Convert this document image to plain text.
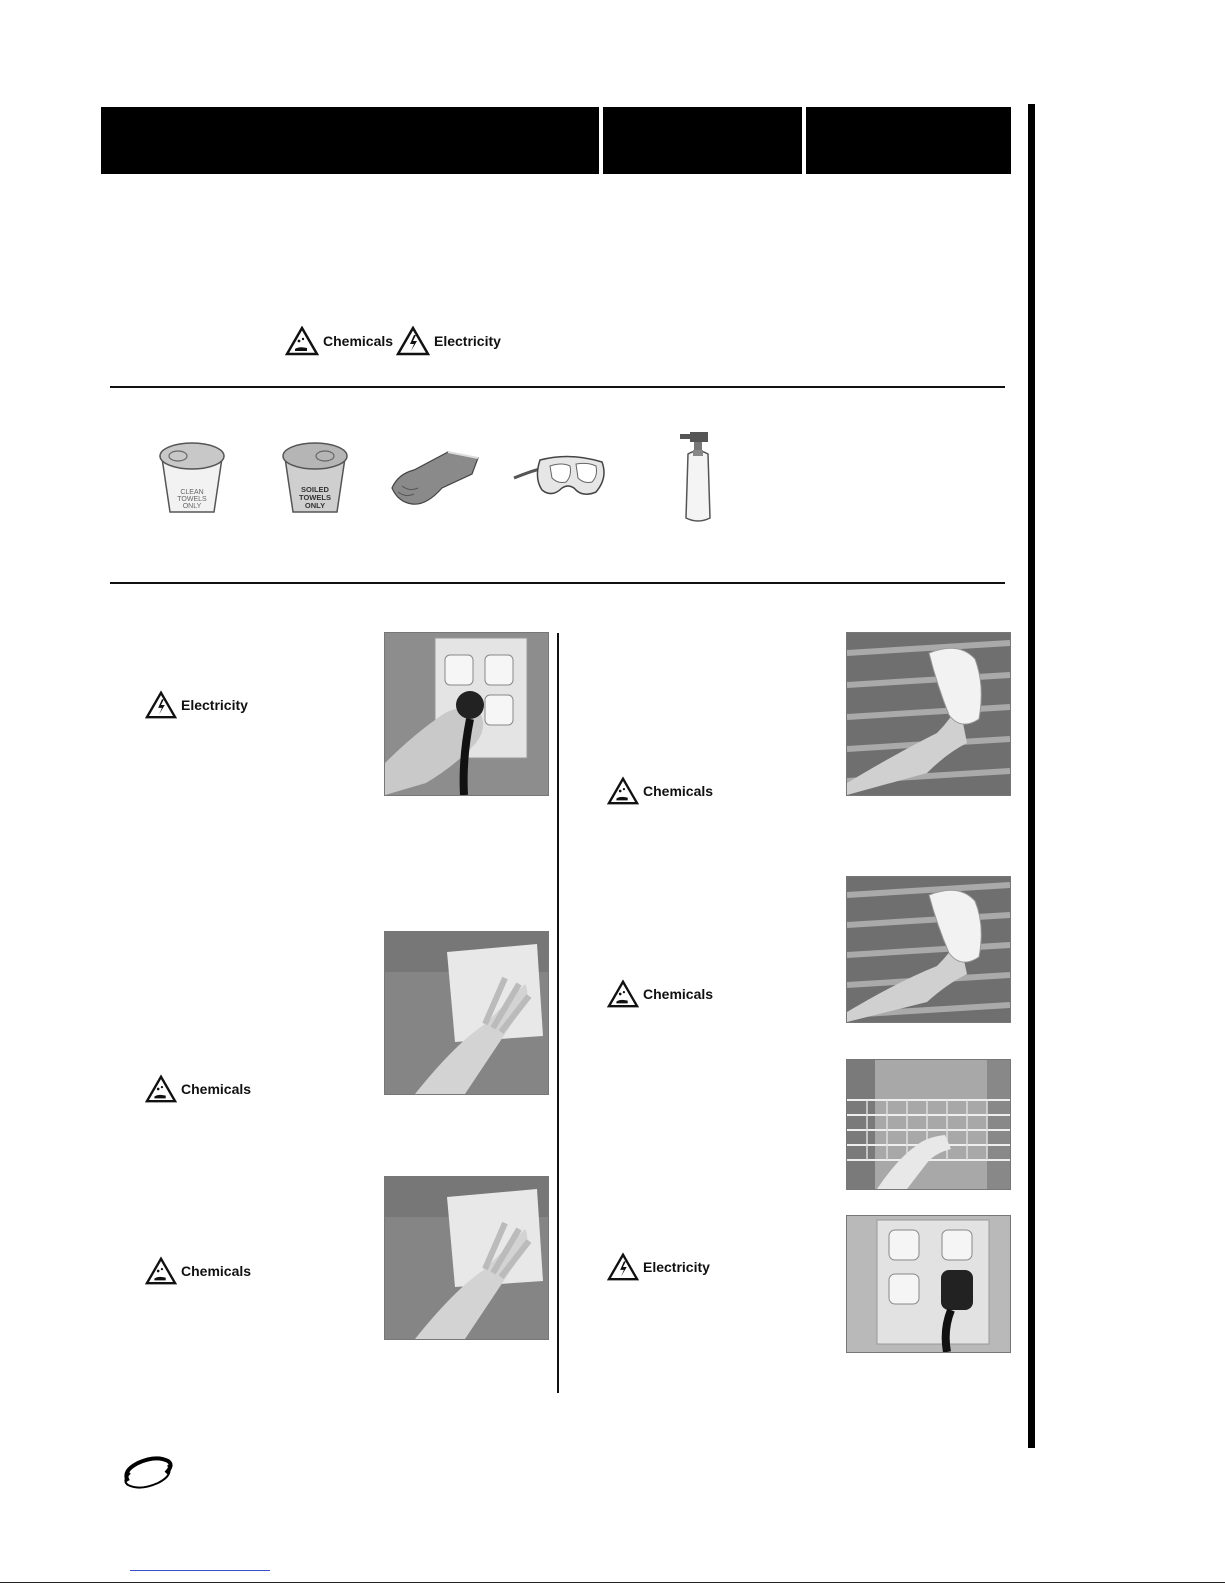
Chemicals	Electricity
CLEAN
TOWELS
ONLY
SOILED
TOWELS
ONLY
Electricity
Chemicals
Chemicals
Chemicals
Chemicals
Electricity
